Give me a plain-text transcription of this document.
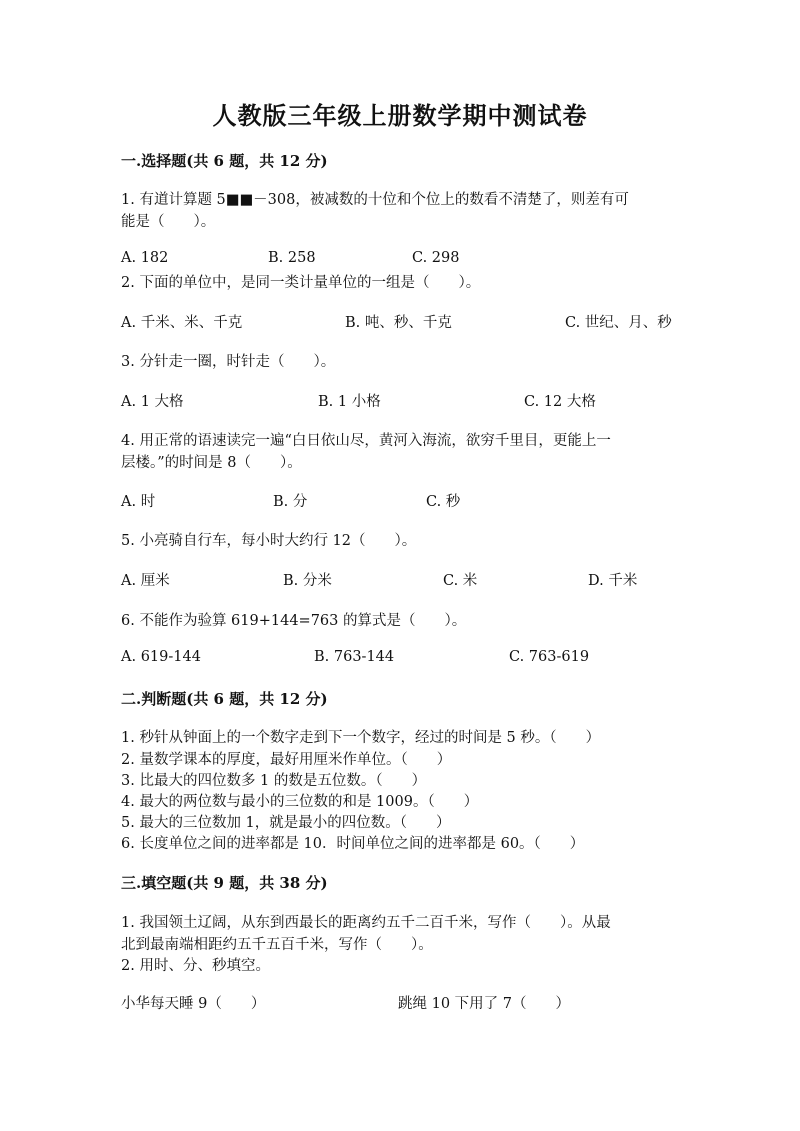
人教版三年级上册数学期中测试卷
一.选择题(共 6 题，共 12 分)
1. 有道计算题 5■■－308，被减数的十位和个位上的数看不清楚了，则差有可
能是（　　）。
A. 182	B. 258	C. 298
2. 下面的单位中，是同一类计量单位的一组是（　　）。
A. 千米、米、千克	B. 吨、秒、千克	C. 世纪、月、秒
3. 分针走一圈，时针走（　　）。
A. 1 大格	B. 1 小格	C. 12 大格
4. 用正常的语速读完一遍“白日依山尽，黄河入海流，欲穷千里目，更能上一
层楼。”的时间是 8（　　）。
A. 时	B. 分	C. 秒
5. 小亮骑自行车，每小时大约行 12（　　）。
A. 厘米	B. 分米	C. 米	D. 千米
6. 不能作为验算 619+144=763 的算式是（　　）。
A. 619-144	B. 763-144	C. 763-619
二.判断题(共 6 题，共 12 分)
1. 秒针从钟面上的一个数字走到下一个数字，经过的时间是 5 秒。（　　）
2. 量数学课本的厚度，最好用厘米作单位。（　　）
3. 比最大的四位数多 1 的数是五位数。（　　）
4. 最大的两位数与最小的三位数的和是 1009。（　　）
5. 最大的三位数加 1，就是最小的四位数。（　　）
6. 长度单位之间的进率都是 10．时间单位之间的进率都是 60。（　　）
三.填空题(共 9 题，共 38 分)
1. 我国领土辽阔，从东到西最长的距离约五千二百千米，写作（　　）。从最
北到最南端相距约五千五百千米，写作（　　）。
2. 用时、分、秒填空。
小华每天睡 9（　　）	跳绳 10 下用了 7（　　）
